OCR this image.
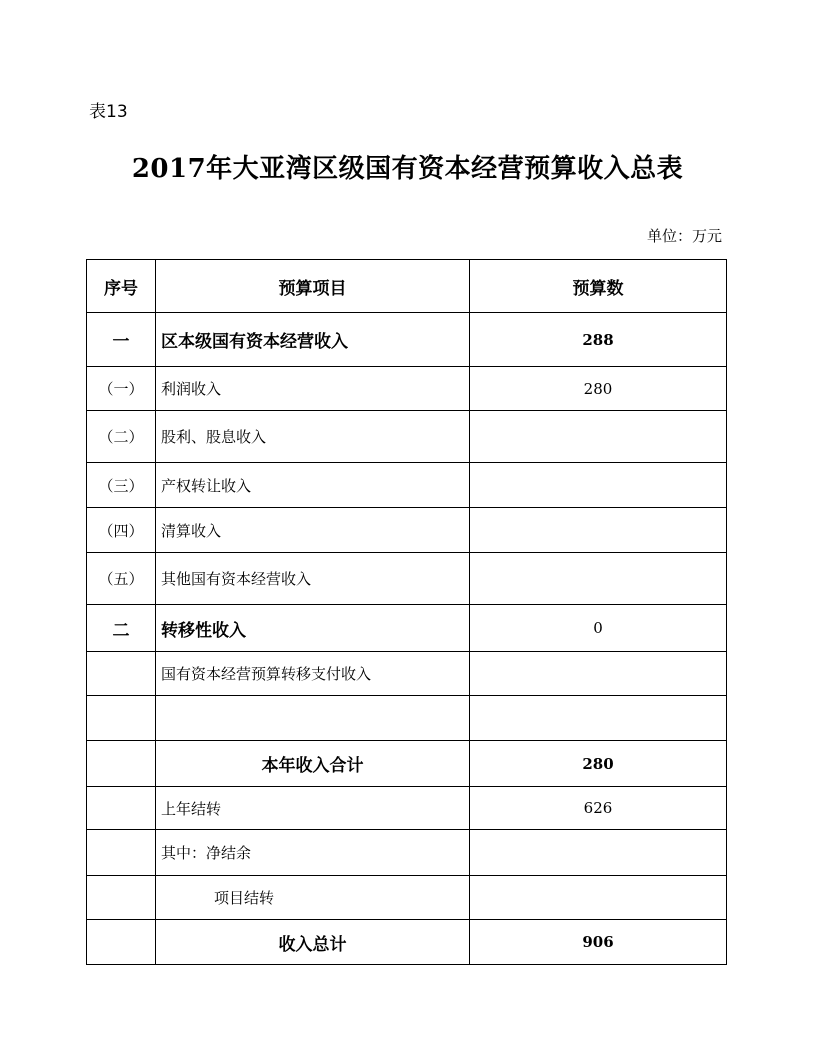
表13
2017年大亚湾区级国有资本经营预算收入总表
单位：万元
序号	预算项目	预算数
一	区本级国有资本经营收入	288
（一）	利润收入	280
（二）	股利、股息收入	
（三）	产权转让收入	
（四）	清算收入	
（五）	其他国有资本经营收入	
二	转移性收入	0
	国有资本经营预算转移支付收入	

	本年收入合计	280
	上年结转	626
	其中：净结余	
	项目结转	
	收入总计	906
